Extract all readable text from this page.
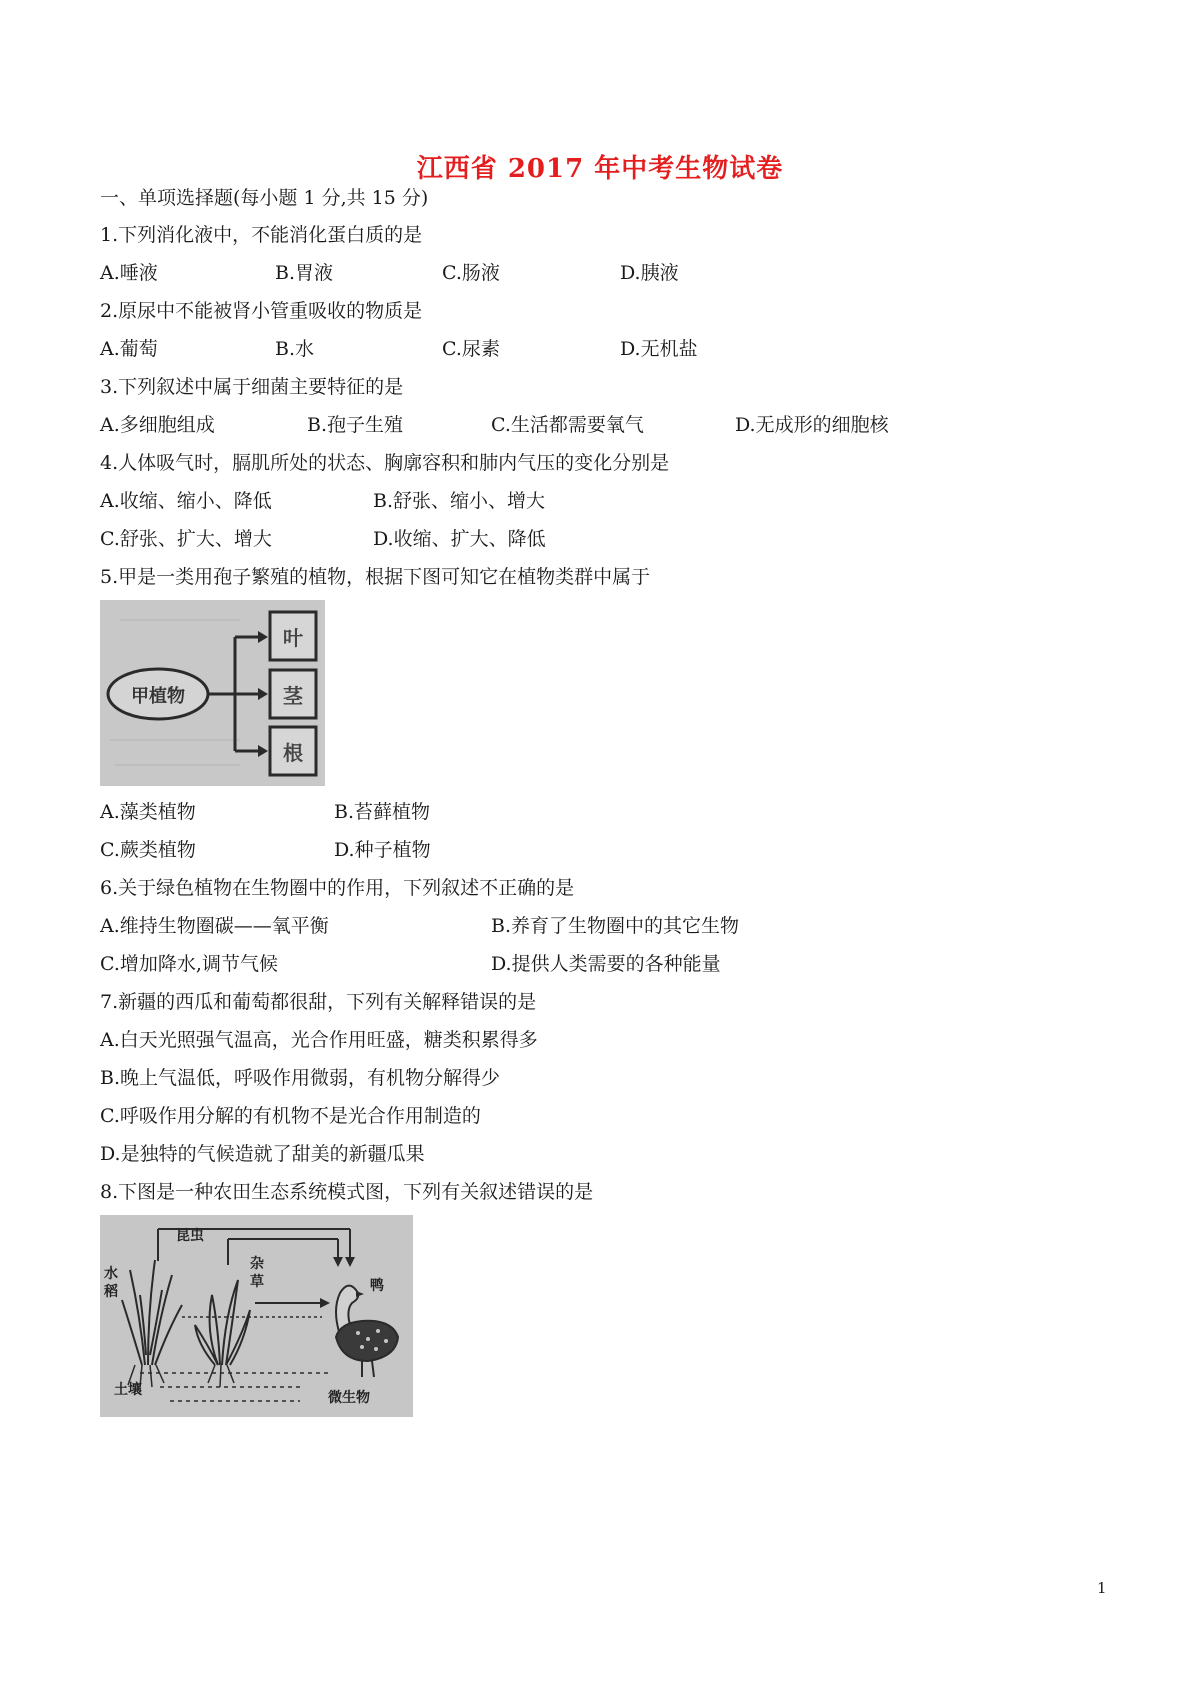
江西省 2017 年中考生物试卷
一、单项选择题(每小题 1 分,共 15 分)
1.下列消化液中，不能消化蛋白质的是
A.唾液	B.胃液	C.肠液	D.胰液
2.原尿中不能被肾小管重吸收的物质是
A.葡萄	B.水	C.尿素	D.无机盐
3.下列叙述中属于细菌主要特征的是
A.多细胞组成	B.孢子生殖	C.生活都需要氧气	D.无成形的细胞核
4.人体吸气时，膈肌所处的状态、胸廓容积和肺内气压的变化分别是
A.收缩、缩小、降低	B.舒张、缩小、增大
C.舒张、扩大、增大	D.收缩、扩大、降低
5.甲是一类用孢子繁殖的植物，根据下图可知它在植物类群中属于
甲植物
叶
茎
根
A.藻类植物	B.苔藓植物
C.蕨类植物	D.种子植物
6.关于绿色植物在生物圈中的作用，下列叙述不正确的是
A.维持生物圈碳——氧平衡	B.养育了生物圈中的其它生物
C.增加降水,调节气候	D.提供人类需要的各种能量
7.新疆的西瓜和葡萄都很甜，下列有关解释错误的是
A.白天光照强气温高，光合作用旺盛，糖类积累得多
B.晚上气温低，呼吸作用微弱，有机物分解得少
C.呼吸作用分解的有机物不是光合作用制造的
D.是独特的气候造就了甜美的新疆瓜果
8.下图是一种农田生态系统模式图，下列有关叙述错误的是
昆虫
水稻
杂草	鸭
土壤	微生物
1
